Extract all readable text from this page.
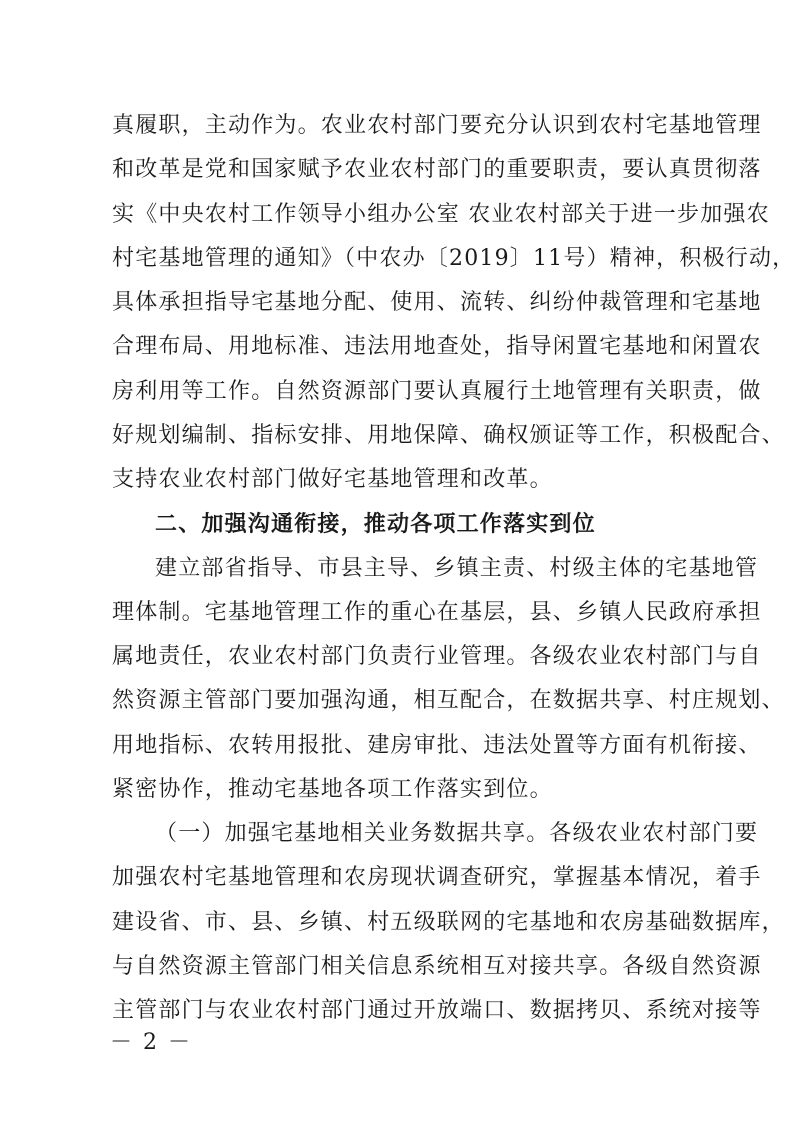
真履职，主动作为。农业农村部门要充分认识到农村宅基地管理
和改革是党和国家赋予农业农村部门的重要职责，要认真贯彻落
实《中央农村工作领导小组办公室 农业农村部关于进一步加强农
村宅基地管理的通知》（中农办〔2019〕11号）精神，积极行动，
具体承担指导宅基地分配、使用、流转、纠纷仲裁管理和宅基地
合理布局、用地标准、违法用地查处，指导闲置宅基地和闲置农
房利用等工作。自然资源部门要认真履行土地管理有关职责，做
好规划编制、指标安排、用地保障、确权颁证等工作，积极配合、
支持农业农村部门做好宅基地管理和改革。
二、加强沟通衔接，推动各项工作落实到位
建立部省指导、市县主导、乡镇主责、村级主体的宅基地管
理体制。宅基地管理工作的重心在基层，县、乡镇人民政府承担
属地责任，农业农村部门负责行业管理。各级农业农村部门与自
然资源主管部门要加强沟通，相互配合，在数据共享、村庄规划、
用地指标、农转用报批、建房审批、违法处置等方面有机衔接、
紧密协作，推动宅基地各项工作落实到位。
（一）加强宅基地相关业务数据共享。各级农业农村部门要
加强农村宅基地管理和农房现状调查研究，掌握基本情况，着手
建设省、市、县、乡镇、村五级联网的宅基地和农房基础数据库，
与自然资源主管部门相关信息系统相互对接共享。各级自然资源
主管部门与农业农村部门通过开放端口、数据拷贝、系统对接等
－ 2 －
